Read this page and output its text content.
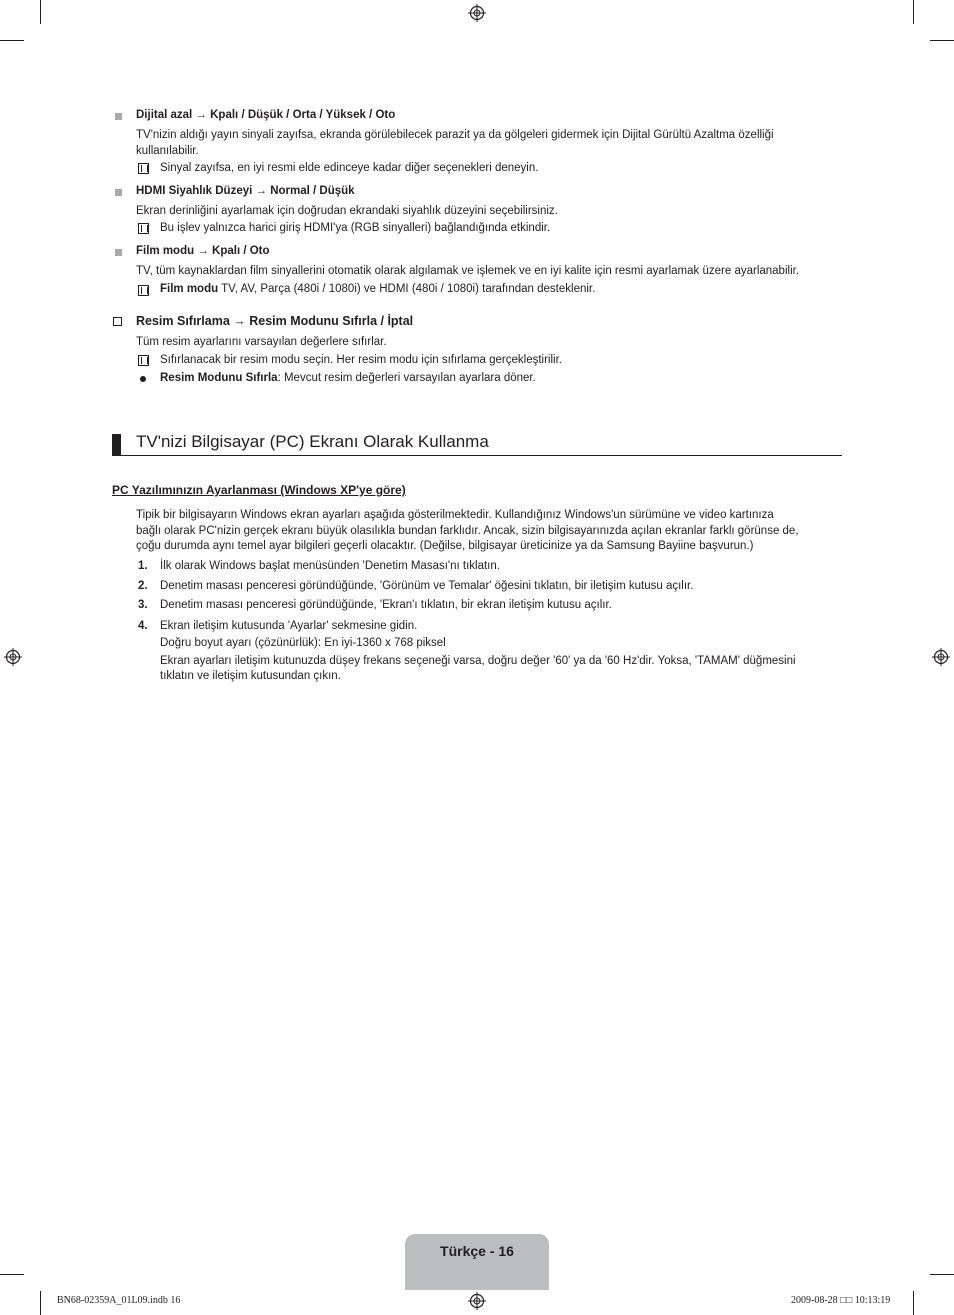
Dijital azal → Kpalı / Düşük / Orta / Yüksek / Oto
TV'nizin aldığı yayın sinyali zayıfsa, ekranda görülebilecek parazit ya da gölgeleri gidermek için Dijital Gürültü Azaltma özelliği
kullanılabilir.
Sinyal zayıfsa, en iyi resmi elde edinceye kadar diğer seçenekleri deneyin.
HDMI Siyahlık Düzeyi → Normal / Düşük
Ekran derinliğini ayarlamak için doğrudan ekrandaki siyahlık düzeyini seçebilirsiniz.
Bu işlev yalnızca harici giriş HDMI'ya (RGB sinyalleri) bağlandığında etkindir.
Film modu → Kpalı / Oto
TV, tüm kaynaklardan film sinyallerini otomatik olarak algılamak ve işlemek ve en iyi kalite için resmi ayarlamak üzere ayarlanabilir.
Film modu TV, AV, Parça (480i / 1080i) ve HDMI (480i / 1080i) tarafından desteklenir.
Resim Sıfırlama → Resim Modunu Sıfırla / İptal
Tüm resim ayarlarını varsayılan değerlere sıfırlar.
Sıfırlanacak bir resim modu seçin. Her resim modu için sıfırlama gerçekleştirilir.
Resim Modunu Sıfırla: Mevcut resim değerleri varsayılan ayarlara döner.
TV'nizi Bilgisayar (PC) Ekranı Olarak Kullanma
PC Yazılımınızın Ayarlanması (Windows XP'ye göre)
Tipik bir bilgisayarın Windows ekran ayarları aşağıda gösterilmektedir. Kullandığınız Windows'un sürümüne ve video kartınıza
bağlı olarak PC'nizin gerçek ekranı büyük olasılıkla bundan farklıdır. Ancak, sizin bilgisayarınızda açılan ekranlar farklı görünse de,
çoğu durumda aynı temel ayar bilgileri geçerli olacaktır. (Değilse, bilgisayar üreticinize ya da Samsung Bayiine başvurun.)
1. İlk olarak Windows başlat menüsünden 'Denetim Masası'nı tıklatın.
2. Denetim masası penceresi göründüğünde, 'Görünüm ve Temalar' öğesini tıklatın, bir iletişim kutusu açılır.
3. Denetim masası penceresi göründüğünde, 'Ekran'ı tıklatın, bir ekran iletişim kutusu açılır.
4. Ekran iletişim kutusunda 'Ayarlar' sekmesine gidin.
Doğru boyut ayarı (çözünürlük): En iyi-1360 x 768 piksel
Ekran ayarları iletişim kutunuzda düşey frekans seçeneği varsa, doğru değer '60' ya da '60 Hz'dir. Yoksa, 'TAMAM' düğmesini
tıklatın ve iletişim kutusundan çıkın.
Türkçe - 16
BN68-02359A_01L09.indb 16	2009-08-28 □□ 10:13:19
